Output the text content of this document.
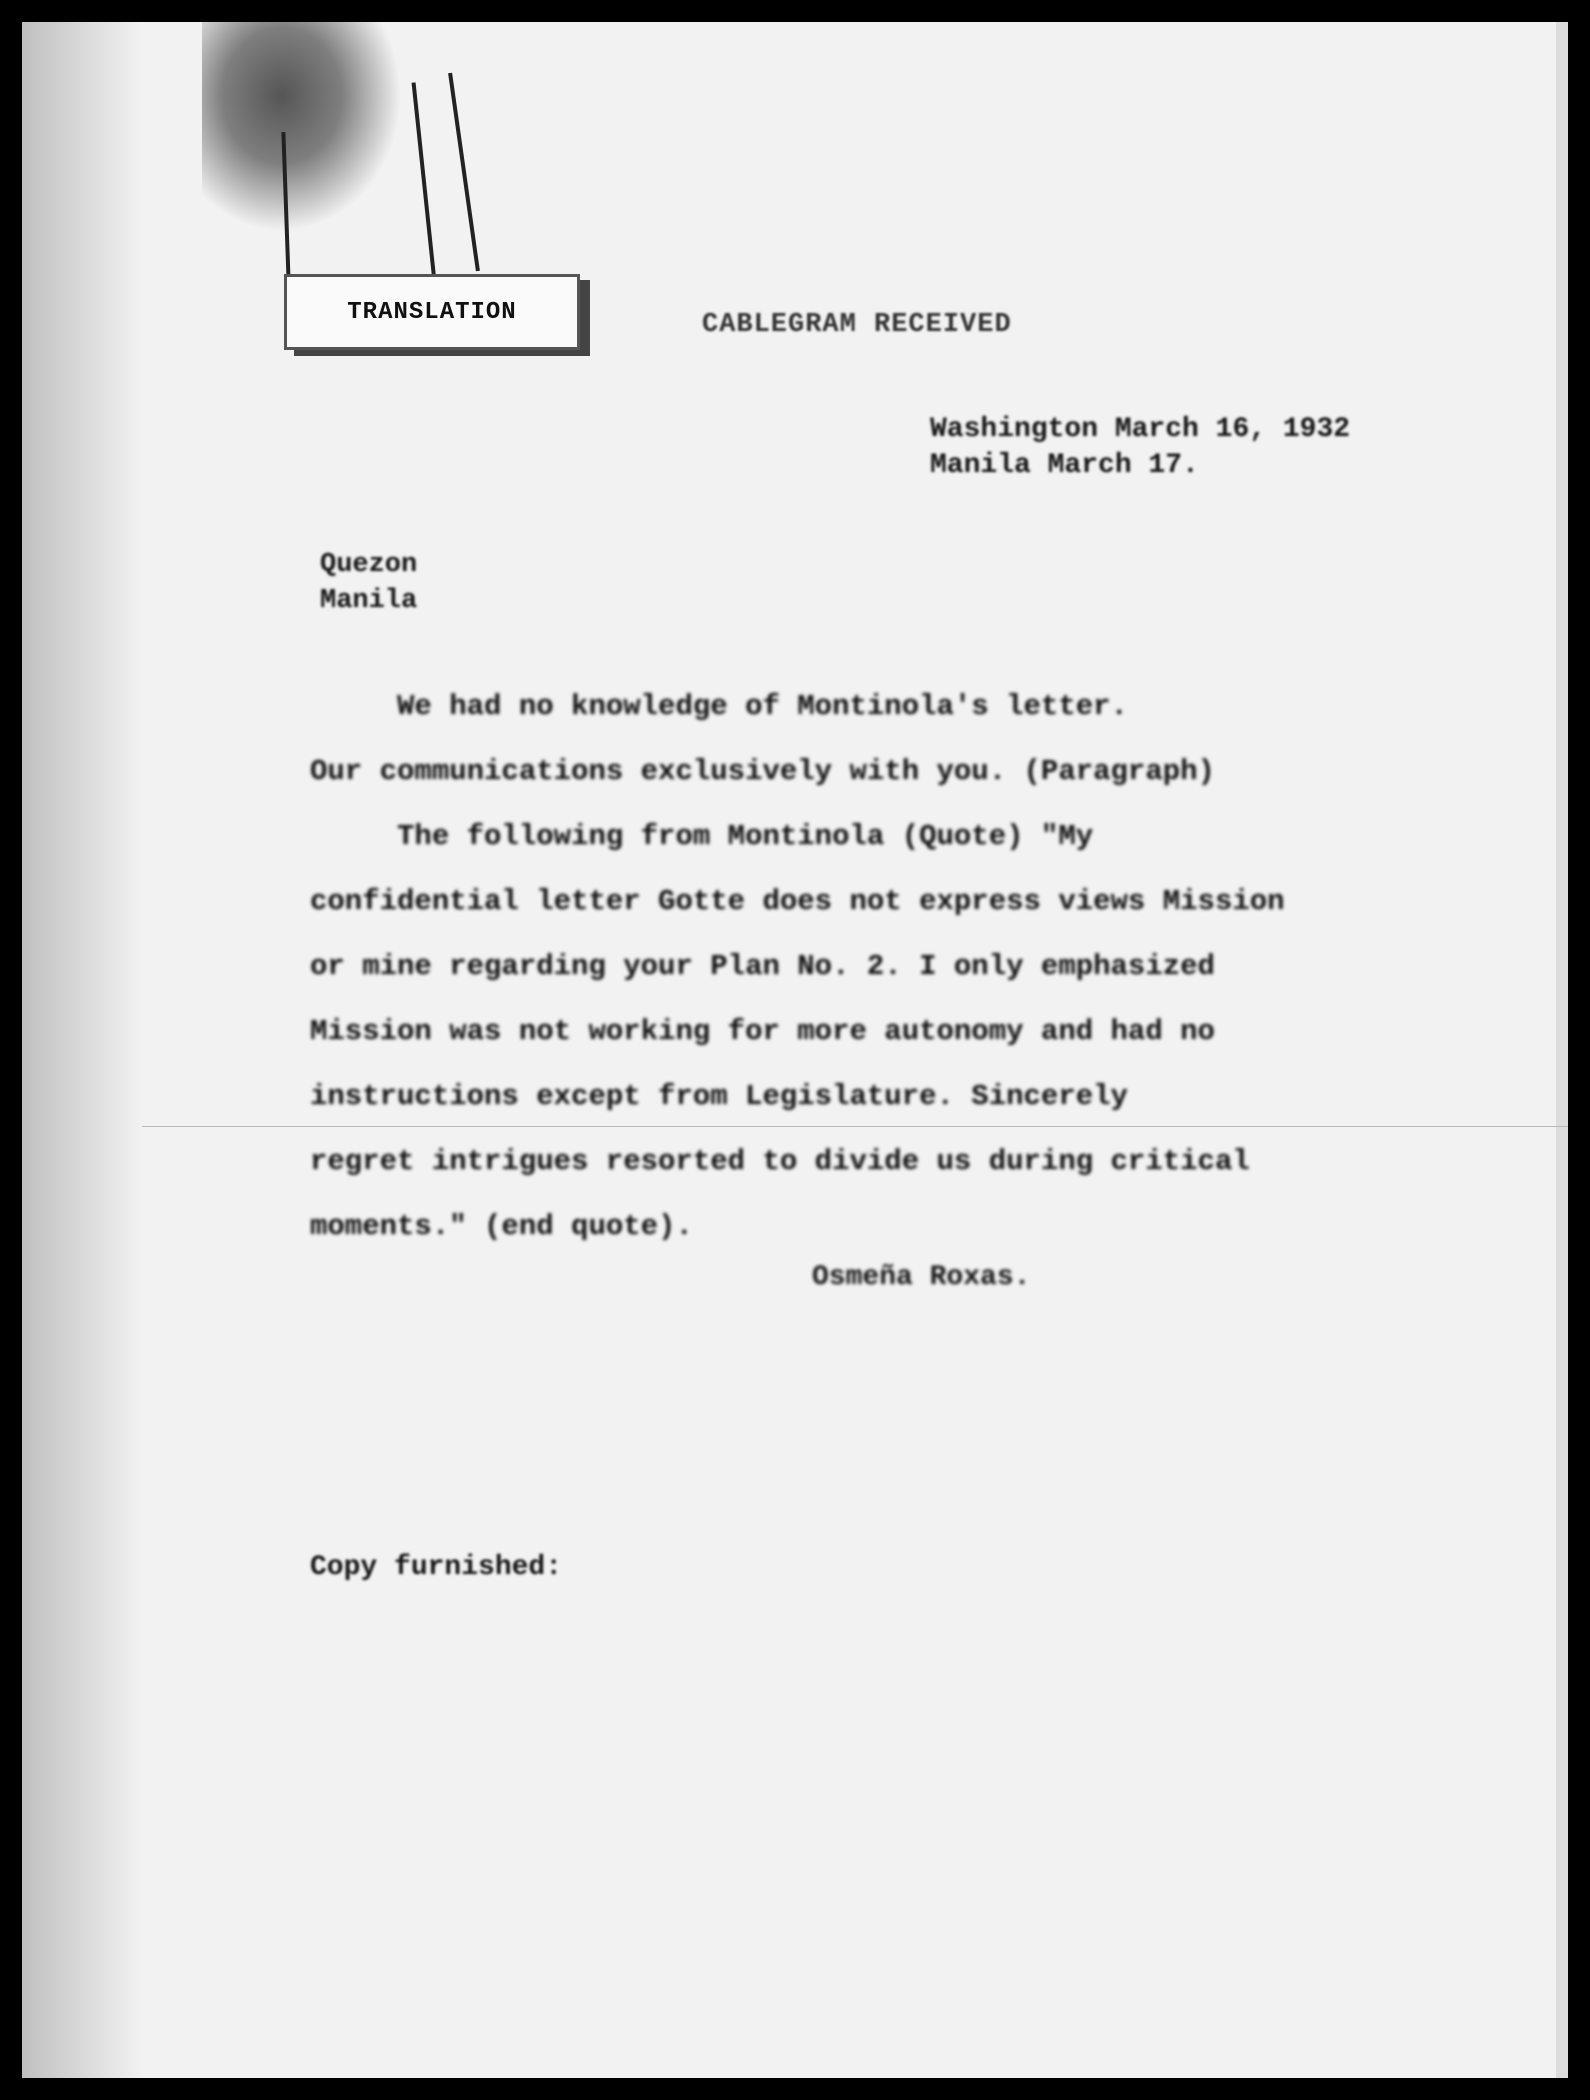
TRANSLATION	CABLEGRAM RECEIVED
Washington March 16, 1932
Manila March 17.
Quezon
Manila

We had no knowledge of Montinola's letter.

Our communications exclusively with you. (Paragraph)

The following from Montinola (Quote) "My

confidential letter Gotte does not express views Mission

or mine regarding your Plan No. 2. I only emphasized

Mission was not working for more autonomy and had no

instructions except from Legislature. Sincerely

regret intrigues resorted to divide us during critical

moments." (end quote).

Osmeña Roxas.
Copy furnished:
